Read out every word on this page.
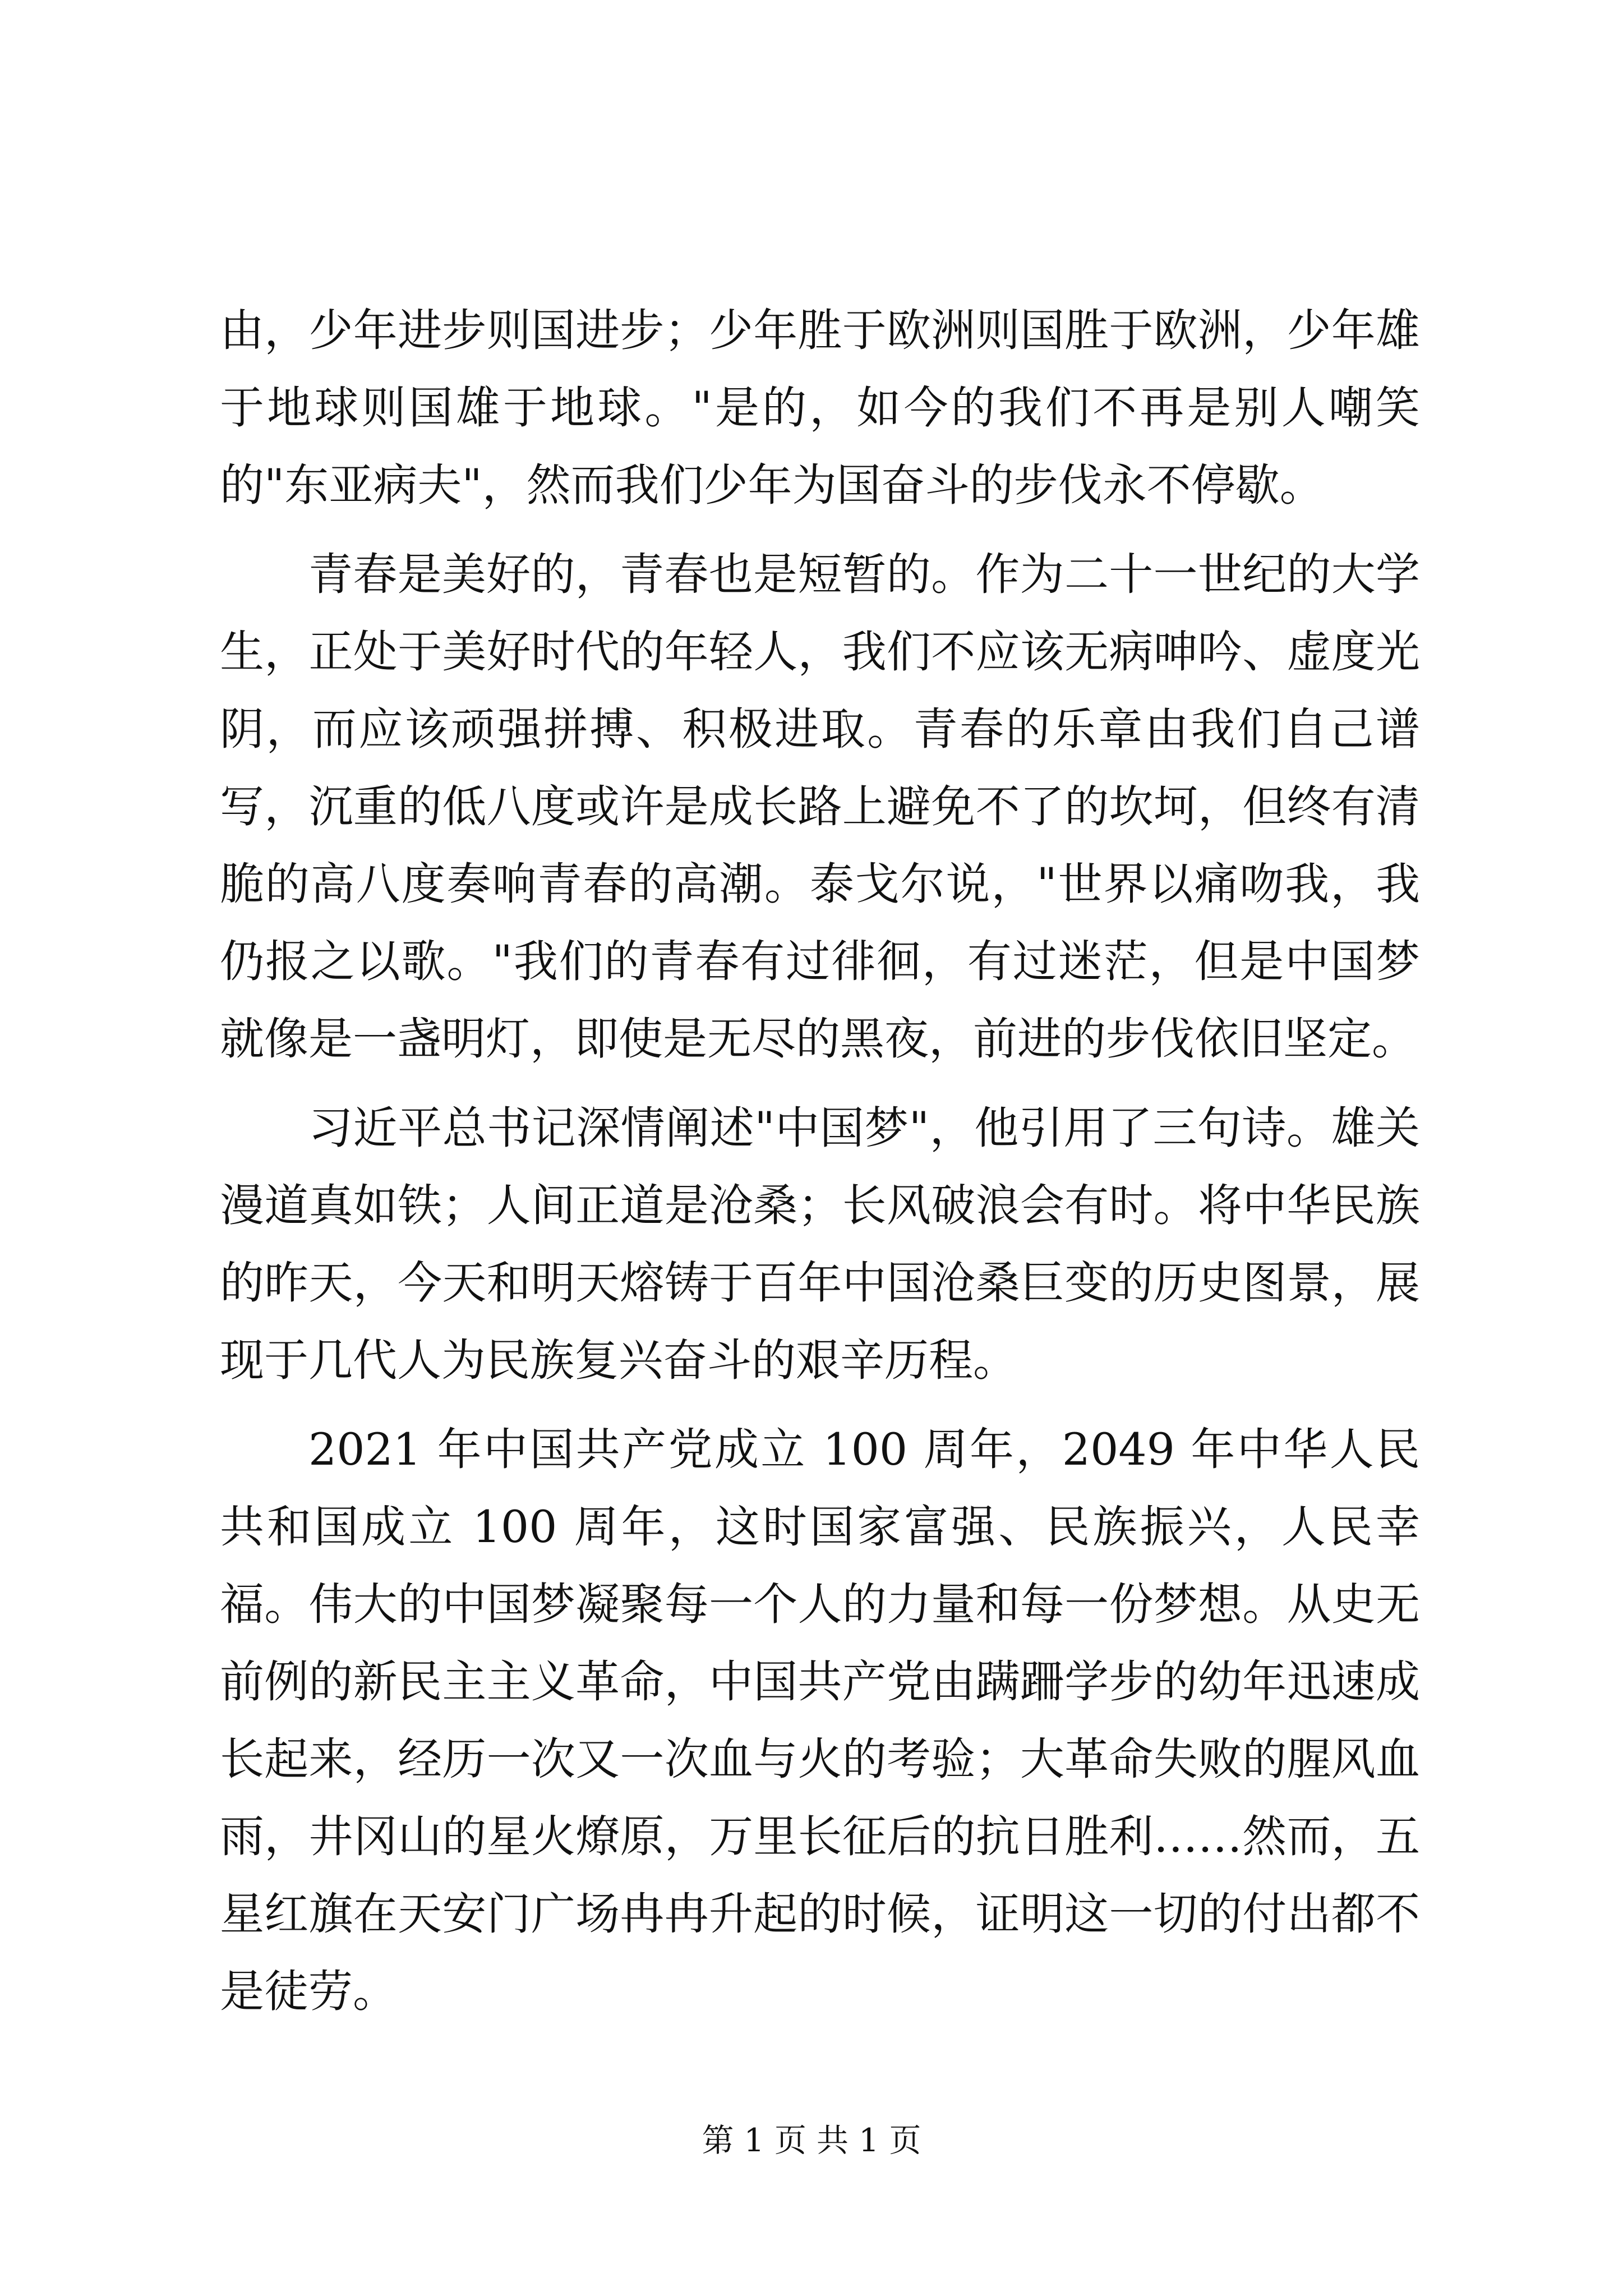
由，少年进步则国进步；少年胜于欧洲则国胜于欧洲，少年雄于地球则国雄于地球。"是的，如今的我们不再是别人嘲笑的"东亚病夫"，然而我们少年为国奋斗的步伐永不停歇。

青春是美好的，青春也是短暂的。作为二十一世纪的大学生，正处于美好时代的年轻人，我们不应该无病呻吟、虚度光阴，而应该顽强拼搏、积极进取。青春的乐章由我们自己谱写，沉重的低八度或许是成长路上避免不了的坎坷，但终有清脆的高八度奏响青春的高潮。泰戈尔说，"世界以痛吻我，我仍报之以歌。"我们的青春有过徘徊，有过迷茫，但是中国梦就像是一盏明灯，即使是无尽的黑夜，前进的步伐依旧坚定。

习近平总书记深情阐述"中国梦"，他引用了三句诗。雄关漫道真如铁；人间正道是沧桑；长风破浪会有时。将中华民族的昨天，今天和明天熔铸于百年中国沧桑巨变的历史图景，展现于几代人为民族复兴奋斗的艰辛历程。

2021 年中国共产党成立 100 周年，2049 年中华人民共和国成立 100 周年，这时国家富强、民族振兴，人民幸福。伟大的中国梦凝聚每一个人的力量和每一份梦想。从史无前例的新民主主义革命，中国共产党由蹒跚学步的幼年迅速成长起来，经历一次又一次血与火的考验；大革命失败的腥风血雨，井冈山的星火燎原，万里长征后的抗日胜利……然而，五星红旗在天安门广场冉冉升起的时候，证明这一切的付出都不是徒劳。

第 1 页 共 1 页
